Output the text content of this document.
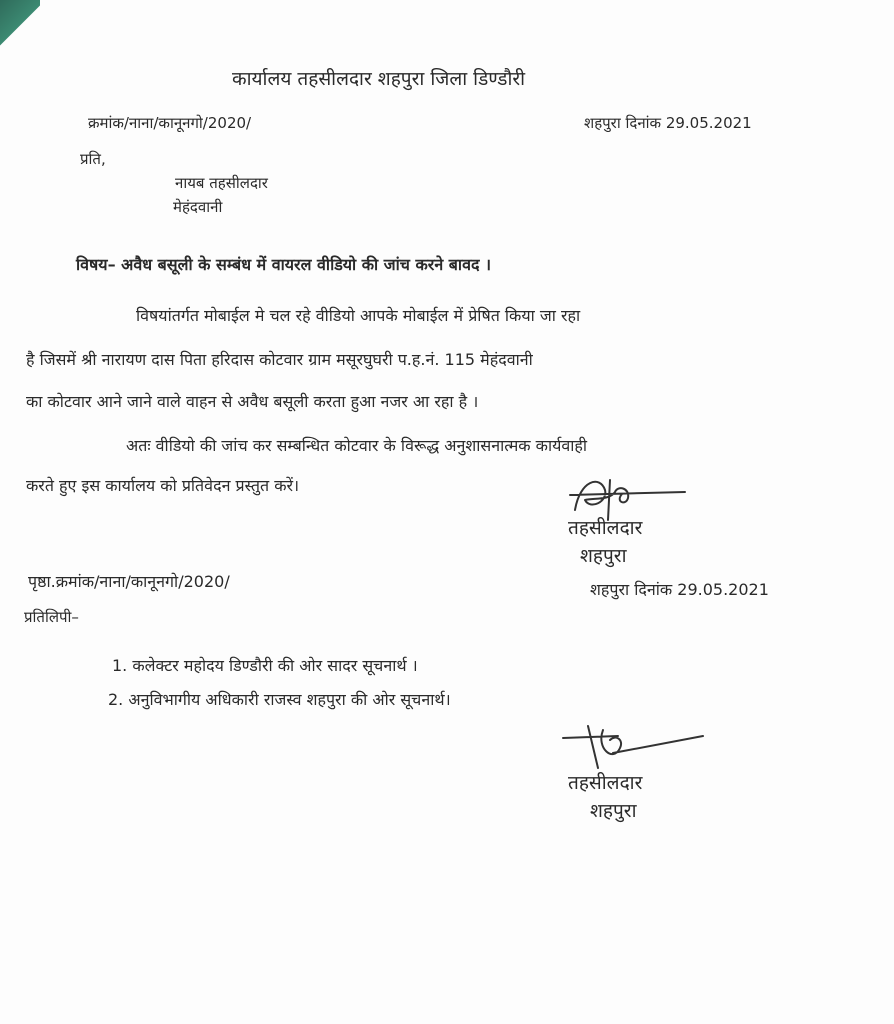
कार्यालय तहसीलदार शहपुरा जिला डिण्डौरी
क्रमांक/नाना/कानूनगो/2020/	शहपुरा दिनांक 29.05.2021
प्रति,
नायब तहसीलदार
मेहंदवानी
विषय– अवैध बसूली के सम्बंध में वायरल वीडियो की जांच करने बावद ।
विषयांतर्गत मोबाईल मे चल रहे वीडियो आपके मोबाईल में प्रेषित किया जा रहा
है जिसमें श्री नारायण दास पिता हरिदास कोटवार ग्राम मसूरघुघरी प.ह.नं. 115 मेहंदवानी
का कोटवार आने जाने वाले वाहन से अवैध बसूली करता हुआ नजर आ रहा है ।
अतः वीडियो की जांच कर सम्बन्धित कोटवार के विरूद्ध अनुशासनात्मक कार्यवाही
करते हुए इस कार्यालय को प्रतिवेदन प्रस्तुत करें।
तहसीलदार
शहपुरा
पृष्ठा.क्रमांक/नाना/कानूनगो/2020/	शहपुरा दिनांक 29.05.2021
प्रतिलिपी–
1. कलेक्टर महोदय डिण्डौरी की ओर सादर सूचनार्थ ।
2. अनुविभागीय अधिकारी राजस्व शहपुरा की ओर सूचनार्थ।
तहसीलदार
शहपुरा
